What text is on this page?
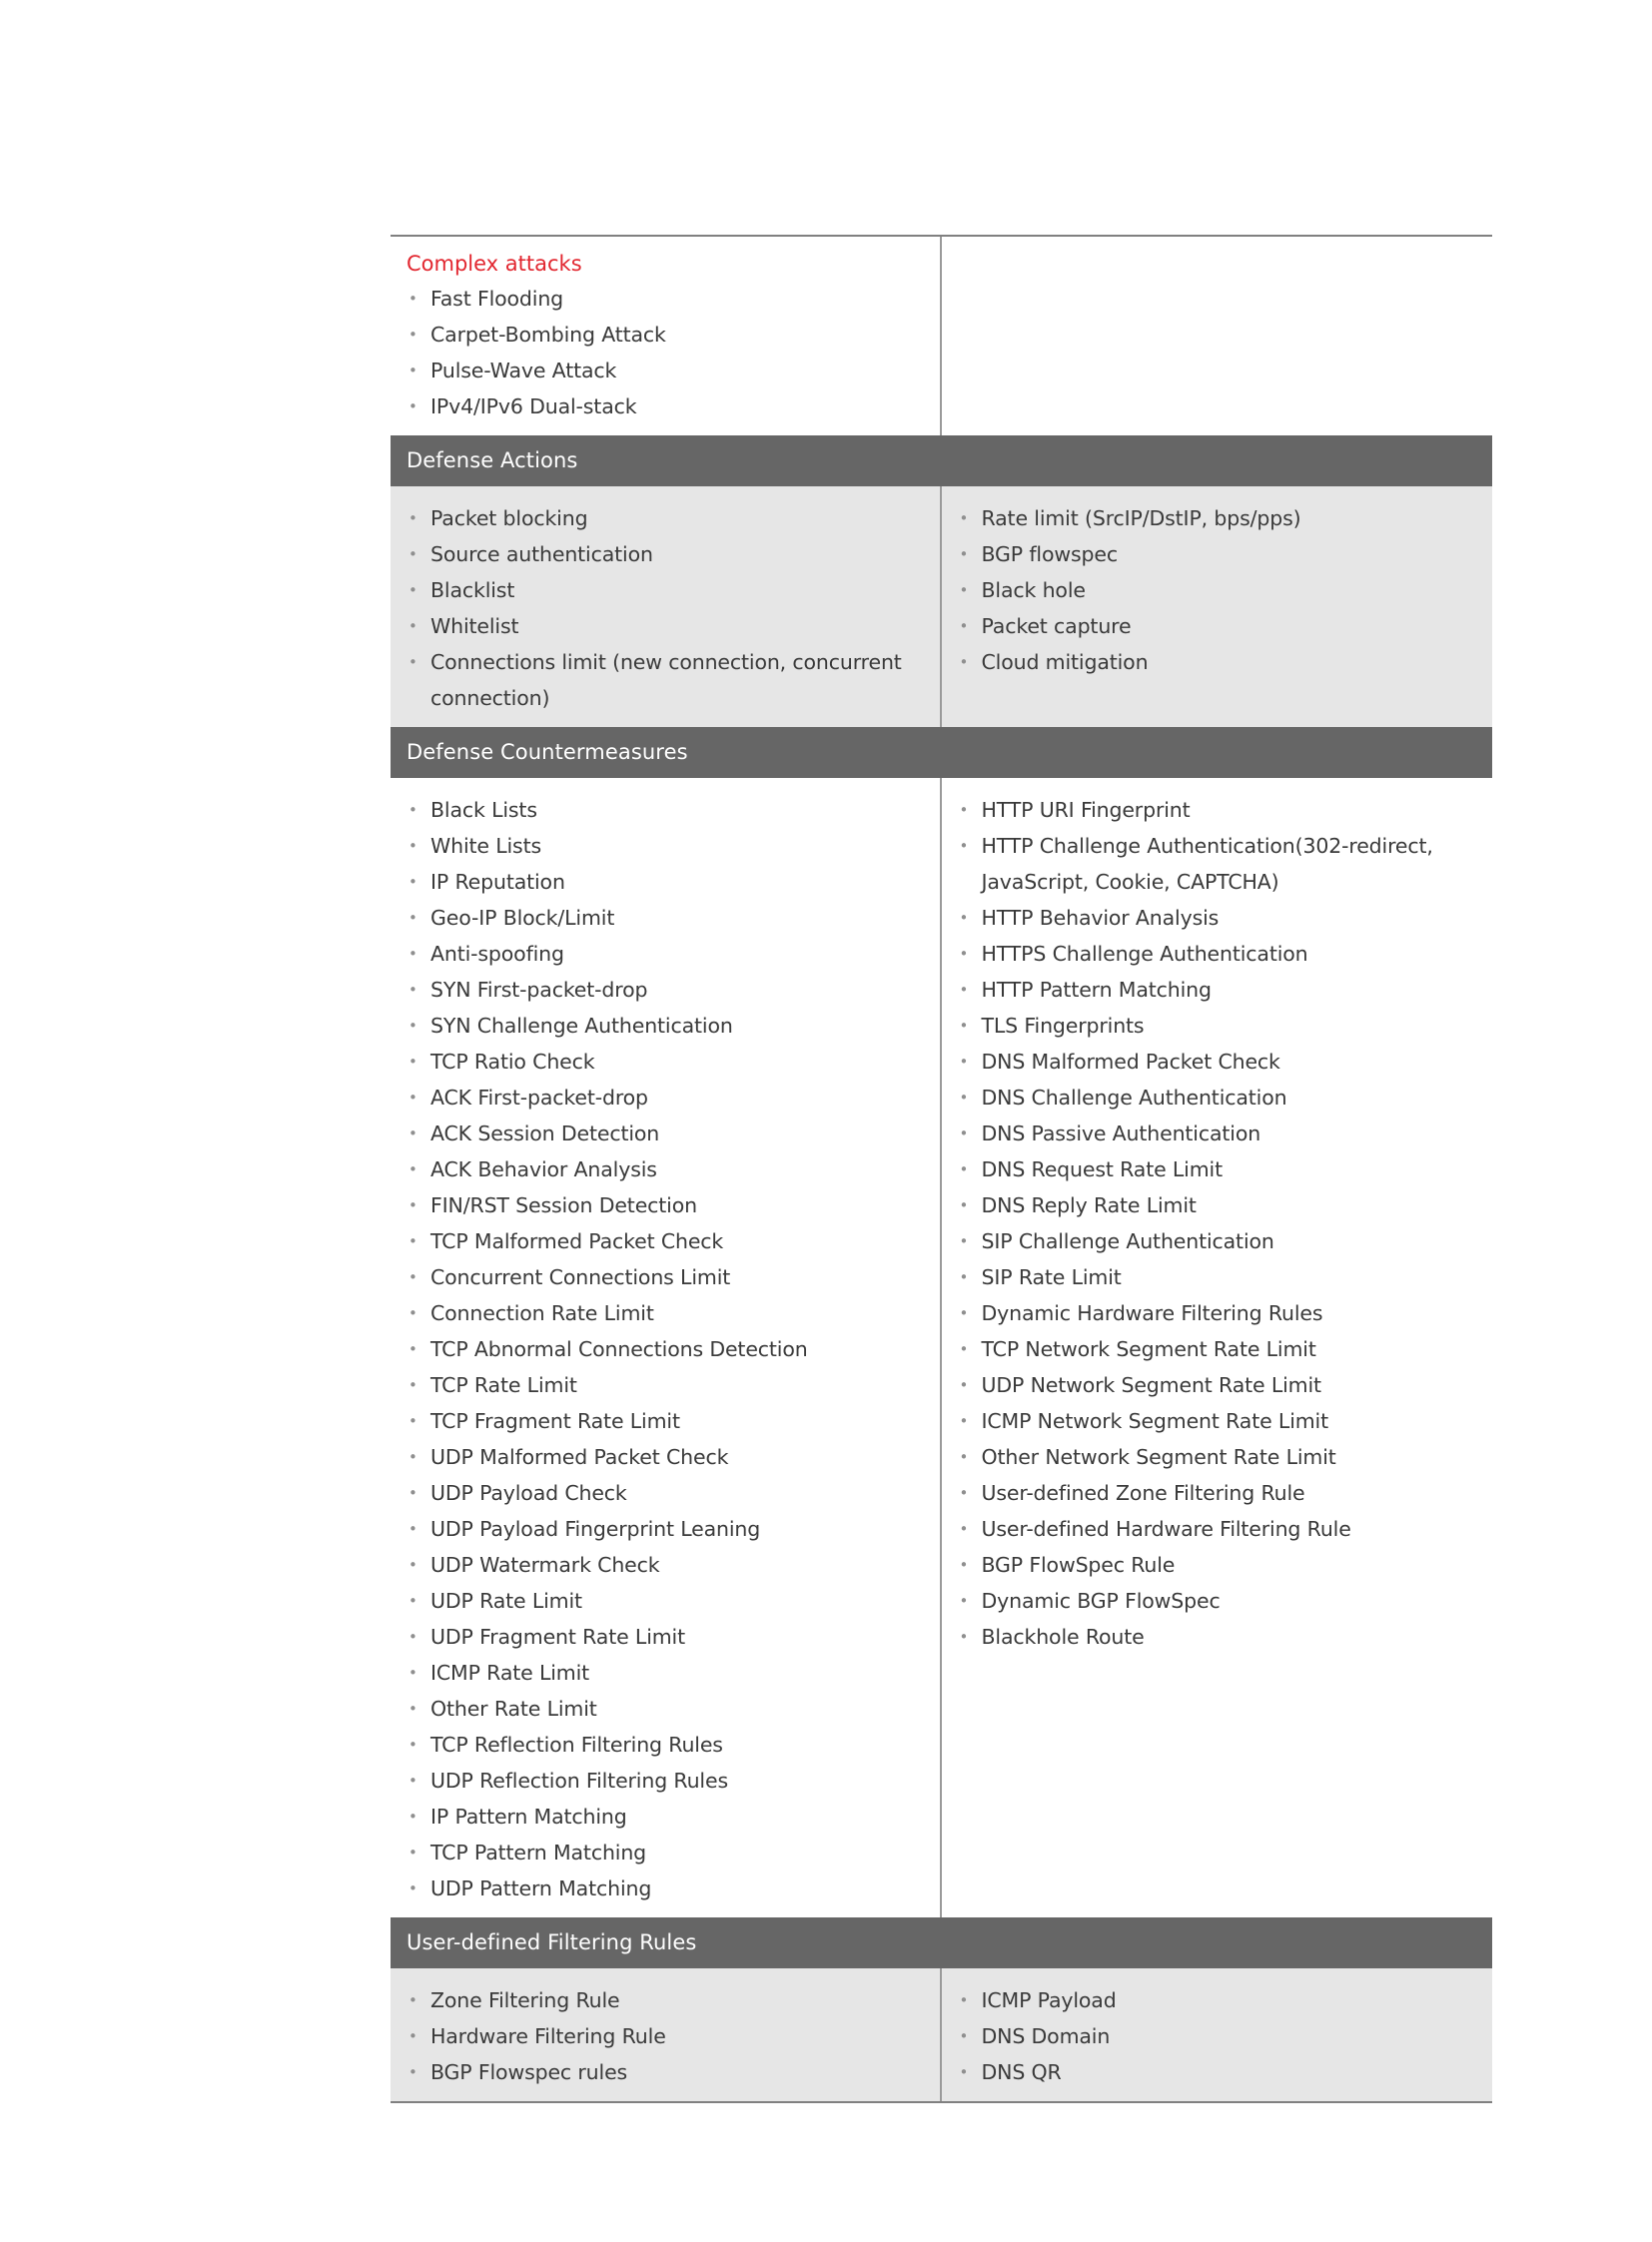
Complex attacks
• Fast Flooding
• Carpet-Bombing Attack
• Pulse-Wave Attack
• IPv4/IPv6 Dual-stack
Defense Actions
• Packet blocking
• Source authentication
• Blacklist
• Whitelist
• Connections limit (new connection, concurrent connection)
• Rate limit (SrcIP/DstIP, bps/pps)
• BGP flowspec
• Black hole
• Packet capture
• Cloud mitigation
Defense Countermeasures
• Black Lists
• White Lists
• IP Reputation
• Geo-IP Block/Limit
• Anti-spoofing
• SYN First-packet-drop
• SYN Challenge Authentication
• TCP Ratio Check
• ACK First-packet-drop
• ACK Session Detection
• ACK Behavior Analysis
• FIN/RST Session Detection
• TCP Malformed Packet Check
• Concurrent Connections Limit
• Connection Rate Limit
• TCP Abnormal Connections Detection
• TCP Rate Limit
• TCP Fragment Rate Limit
• UDP Malformed Packet Check
• UDP Payload Check
• UDP Payload Fingerprint Leaning
• UDP Watermark Check
• UDP Rate Limit
• UDP Fragment Rate Limit
• ICMP Rate Limit
• Other Rate Limit
• TCP Reflection Filtering Rules
• UDP Reflection Filtering Rules
• IP Pattern Matching
• TCP Pattern Matching
• UDP Pattern Matching
• HTTP URI Fingerprint
• HTTP Challenge Authentication(302-redirect, JavaScript, Cookie, CAPTCHA)
• HTTP Behavior Analysis
• HTTPS Challenge Authentication
• HTTP Pattern Matching
• TLS Fingerprints
• DNS Malformed Packet Check
• DNS Challenge Authentication
• DNS Passive Authentication
• DNS Request Rate Limit
• DNS Reply Rate Limit
• SIP Challenge Authentication
• SIP Rate Limit
• Dynamic Hardware Filtering Rules
• TCP Network Segment Rate Limit
• UDP Network Segment Rate Limit
• ICMP Network Segment Rate Limit
• Other Network Segment Rate Limit
• User-defined Zone Filtering Rule
• User-defined Hardware Filtering Rule
• BGP FlowSpec Rule
• Dynamic BGP FlowSpec
• Blackhole Route
User-defined Filtering Rules
• Zone Filtering Rule
• Hardware Filtering Rule
• BGP Flowspec rules
• ICMP Payload
• DNS Domain
• DNS QR
